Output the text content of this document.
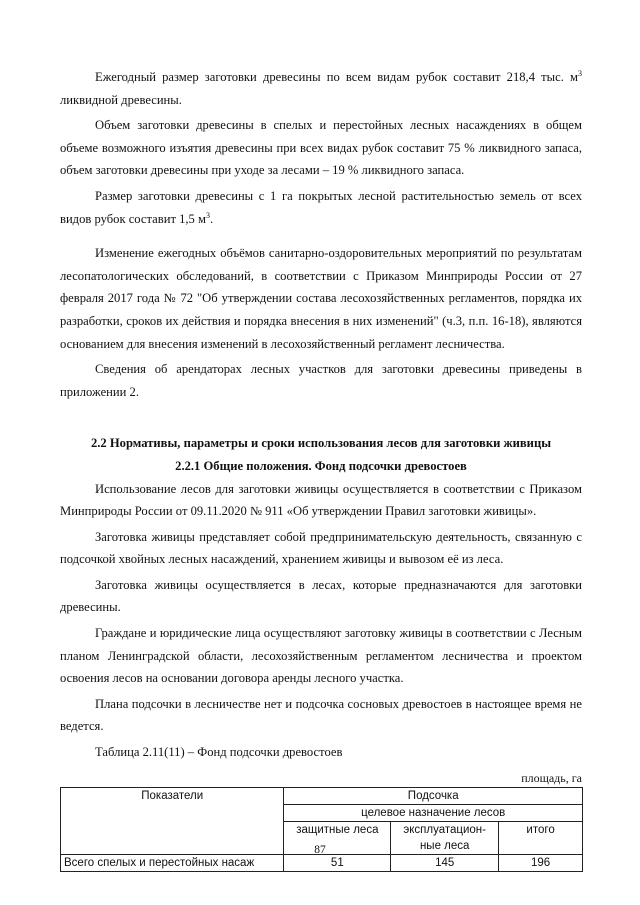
Ежегодный размер заготовки древесины по всем видам рубок составит 218,4 тыс. $м^3$ ликвидной древесины.

Объем заготовки древесины в спелых и перестойных лесных насаждениях в общем объеме возможного изъятия древесины при всех видах рубок составит 75 % ликвидного запаса, объем заготовки древесины при уходе за лесами – 19 % ликвидного запаса.

Размер заготовки древесины с 1 га покрытых лесной растительностью земель от всех видов рубок составит 1,5 $м^3$.

Изменение ежегодных объёмов санитарно-оздоровительных мероприятий по результатам лесопатологических обследований, в соответствии с Приказом Минприроды России от 27 февраля 2017 года № 72 "Об утверждении состава лесохозяйственных регламентов, порядка их разработки, сроков их действия и порядка внесения в них изменений" (ч.3, п.п. 16-18), являются основанием для внесения изменений в лесохозяйственный регламент лесничества.

Сведения об арендаторах лесных участков для заготовки древесины приведены в приложении 2.

2.2 Нормативы, параметры и сроки использования лесов для заготовки живицы
2.2.1 Общие положения. Фонд подсочки древостоев

Использование лесов для заготовки живицы осуществляется в соответствии с Приказом Минприроды России от 09.11.2020 № 911 «Об утверждении Правил заготовки живицы».

Заготовка живицы представляет собой предпринимательскую деятельность, связанную с подсочкой хвойных лесных насаждений, хранением живицы и вывозом её из леса.

Заготовка живицы осуществляется в лесах, которые предназначаются для заготовки древесины.

Граждане и юридические лица осуществляют заготовку живицы в соответствии с Лесным планом Ленинградской области, лесохозяйственным регламентом лесничества и проектом освоения лесов на основании договора аренды лесного участка.

Плана подсочки в лесничестве нет и подсочка сосновых древостоев в настоящее время не ведется.

Таблица 2.11(11) – Фонд подсочки древостоев

площадь, га
Показатели	Подсочка		
	целевое назначение лесов		
	защитные леса	эксплуатацион-ные леса	итого
Всего спелых и перестойных насаж	51	145	196
87
